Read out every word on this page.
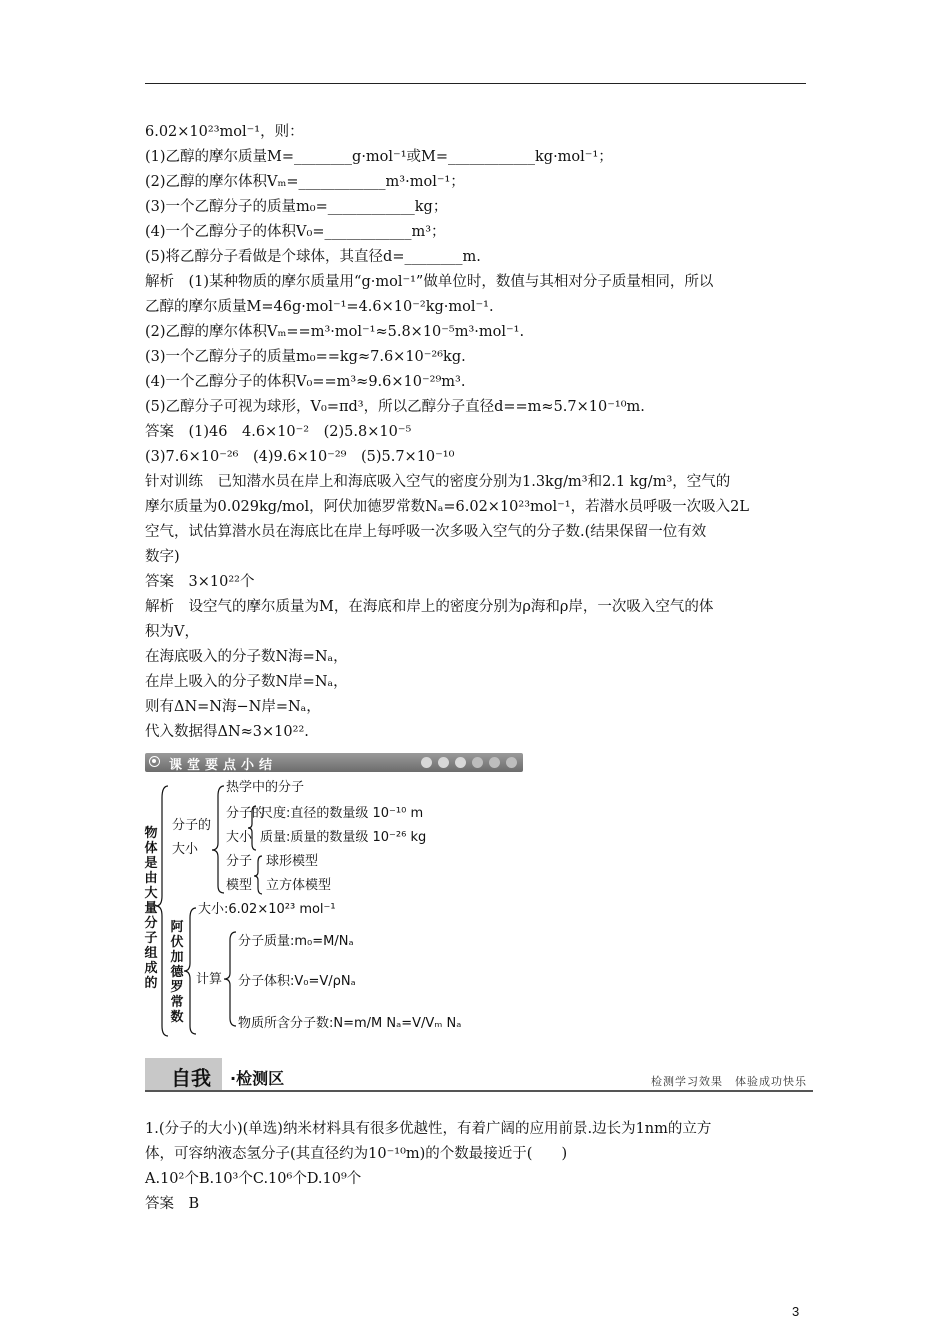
6.02×10²³mol⁻¹，则：
(1)乙醇的摩尔质量M=________g·mol⁻¹或M=____________kg·mol⁻¹；
(2)乙醇的摩尔体积Vₘ=____________m³·mol⁻¹；
(3)一个乙醇分子的质量m₀=____________kg；
(4)一个乙醇分子的体积V₀=____________m³；
(5)将乙醇分子看做是个球体，其直径d=________m.
解析　(1)某种物质的摩尔质量用“g·mol⁻¹”做单位时，数值与其相对分子质量相同，所以
乙醇的摩尔质量M=46g·mol⁻¹=4.6×10⁻²kg·mol⁻¹.
(2)乙醇的摩尔体积Vₘ==m³·mol⁻¹≈5.8×10⁻⁵m³·mol⁻¹.
(3)一个乙醇分子的质量m₀==kg≈7.6×10⁻²⁶kg.
(4)一个乙醇分子的体积V₀==m³≈9.6×10⁻²⁹m³.
(5)乙醇分子可视为球形，V₀=πd³，所以乙醇分子直径d==m≈5.7×10⁻¹⁰m.
答案　(1)46　4.6×10⁻²　(2)5.8×10⁻⁵
(3)7.6×10⁻²⁶　(4)9.6×10⁻²⁹　(5)5.7×10⁻¹⁰
针对训练　已知潜水员在岸上和海底吸入空气的密度分别为1.3kg/m³和2.1 kg/m³，空气的
摩尔质量为0.029kg/mol，阿伏加德罗常数Nₐ=6.02×10²³mol⁻¹，若潜水员呼吸一次吸入2L
空气，试估算潜水员在海底比在岸上每呼吸一次多吸入空气的分子数.(结果保留一位有效
数字)
答案　3×10²²个
解析　设空气的摩尔质量为M，在海底和岸上的密度分别为ρ海和ρ岸，一次吸入空气的体
积为V，
在海底吸入的分子数N海=Nₐ，
在岸上吸入的分子数N岸=Nₐ，
则有ΔN=N海−N岸=Nₐ，
代入数据得ΔN≈3×10²².
课堂要点小结
物体是由大量分子组成的
分子的
大小
热学中的分子
分子的
大小
尺度:直径的数量级 10⁻¹⁰ m
质量:质量的数量级 10⁻²⁶ kg
分子
模型
球形模型
立方体模型
阿伏加德罗常数
大小:6.02×10²³ mol⁻¹
计算
分子质量:m₀=M/Nₐ
分子体积:V₀=V/ρNₐ
物质所含分子数:N=m/M Nₐ=V/Vₘ Nₐ
自我 ·检测区	检测学习效果　体验成功快乐
1.(分子的大小)(单选)纳米材料具有很多优越性，有着广阔的应用前景.边长为1nm的立方
体，可容纳液态氢分子(其直径约为10⁻¹⁰m)的个数最接近于(　　)
A.10²个B.10³个C.10⁶个D.10⁹个
答案　B
3
